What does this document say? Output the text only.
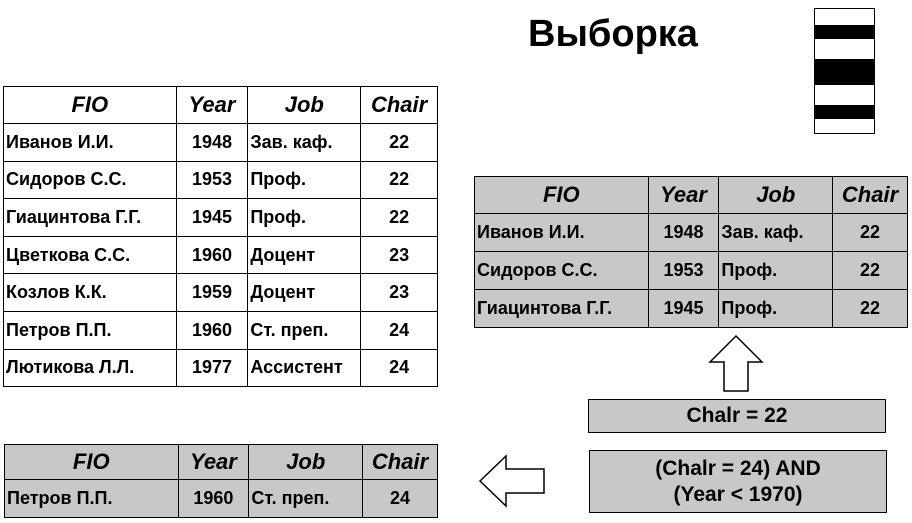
Выборка
FIO	Year	Job	Chair
Иванов И.И.	1948	Зав. каф.	22
Сидоров С.С.	1953	Проф.	22
Гиацинтова Г.Г.	1945	Проф.	22
Цветкова С.С.	1960	Доцент	23
Козлов К.К.	1959	Доцент	23
Петров П.П.	1960	Ст. преп.	24
Лютикова Л.Л.	1977	Ассистент	24
FIO	Year	Job	Chair
Иванов И.И.	1948	Зав. каф.	22
Сидоров С.С.	1953	Проф.	22
Гиацинтова Г.Г.	1945	Проф.	22
FIO	Year	Job	Chair
Петров П.П.	1960	Ст. преп.	24
Chalr = 22
(Chalr = 24) AND
(Year < 1970)
